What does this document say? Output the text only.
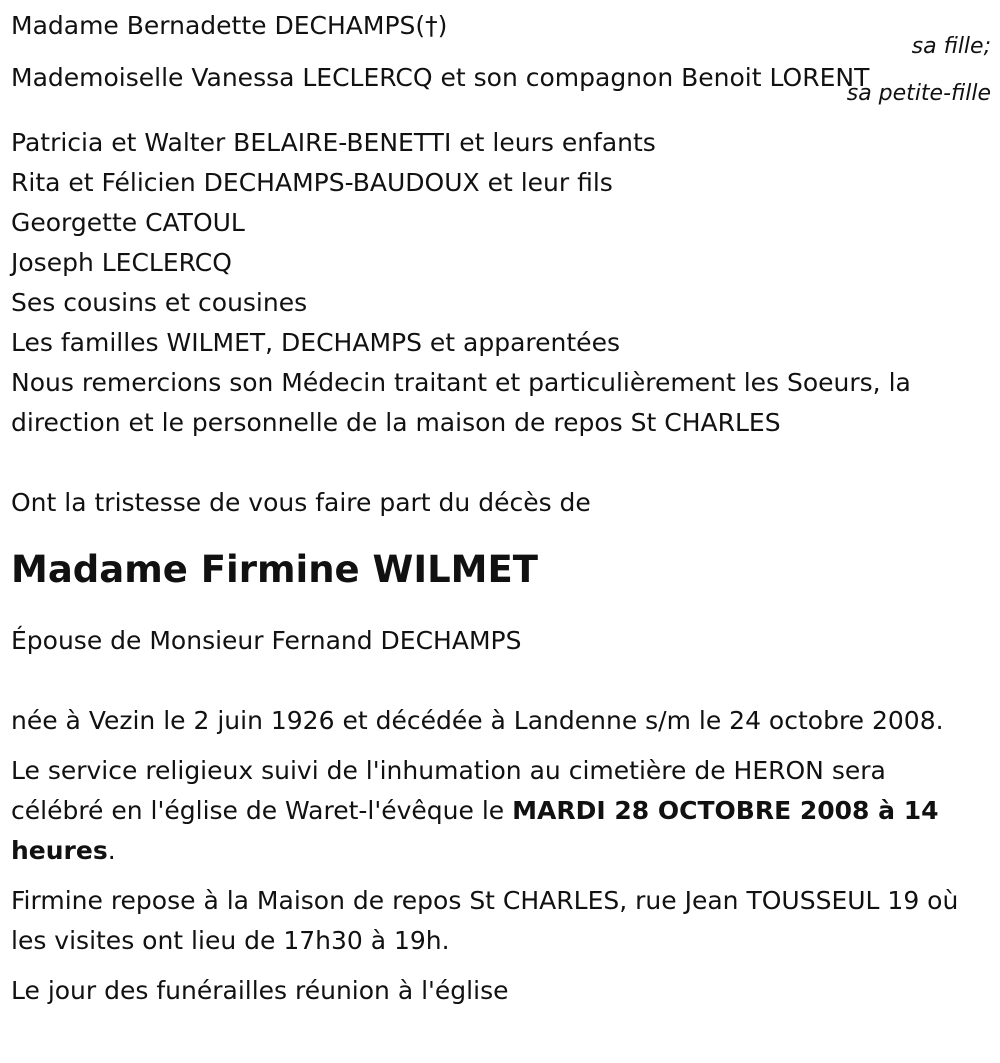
Madame Bernadette DECHAMPS(†)
sa fille;
Mademoiselle Vanessa LECLERCQ et son compagnon Benoit LORENT
sa petite-fille
Patricia et Walter BELAIRE-BENETTI et leurs enfants
Rita et Félicien DECHAMPS-BAUDOUX et leur fils
Georgette CATOUL
Joseph LECLERCQ
Ses cousins et cousines
Les familles WILMET, DECHAMPS et apparentées
Nous remercions son Médecin traitant et particulièrement les Soeurs, la direction et le personnelle de la maison de repos St CHARLES
Ont la tristesse de vous faire part du décès de
Madame Firmine WILMET
Épouse de Monsieur Fernand DECHAMPS
née à Vezin le 2 juin 1926 et décédée à Landenne s/m le 24 octobre 2008.
Le service religieux suivi de l'inhumation au cimetière de HERON sera célébré en l'église de Waret-l'évêque le MARDI 28 OCTOBRE 2008 à 14 heures.
Firmine repose à la Maison de repos St CHARLES, rue Jean TOUSSEUL 19 où les visites ont lieu de 17h30 à 19h.
Le jour des funérailles réunion à l'église
